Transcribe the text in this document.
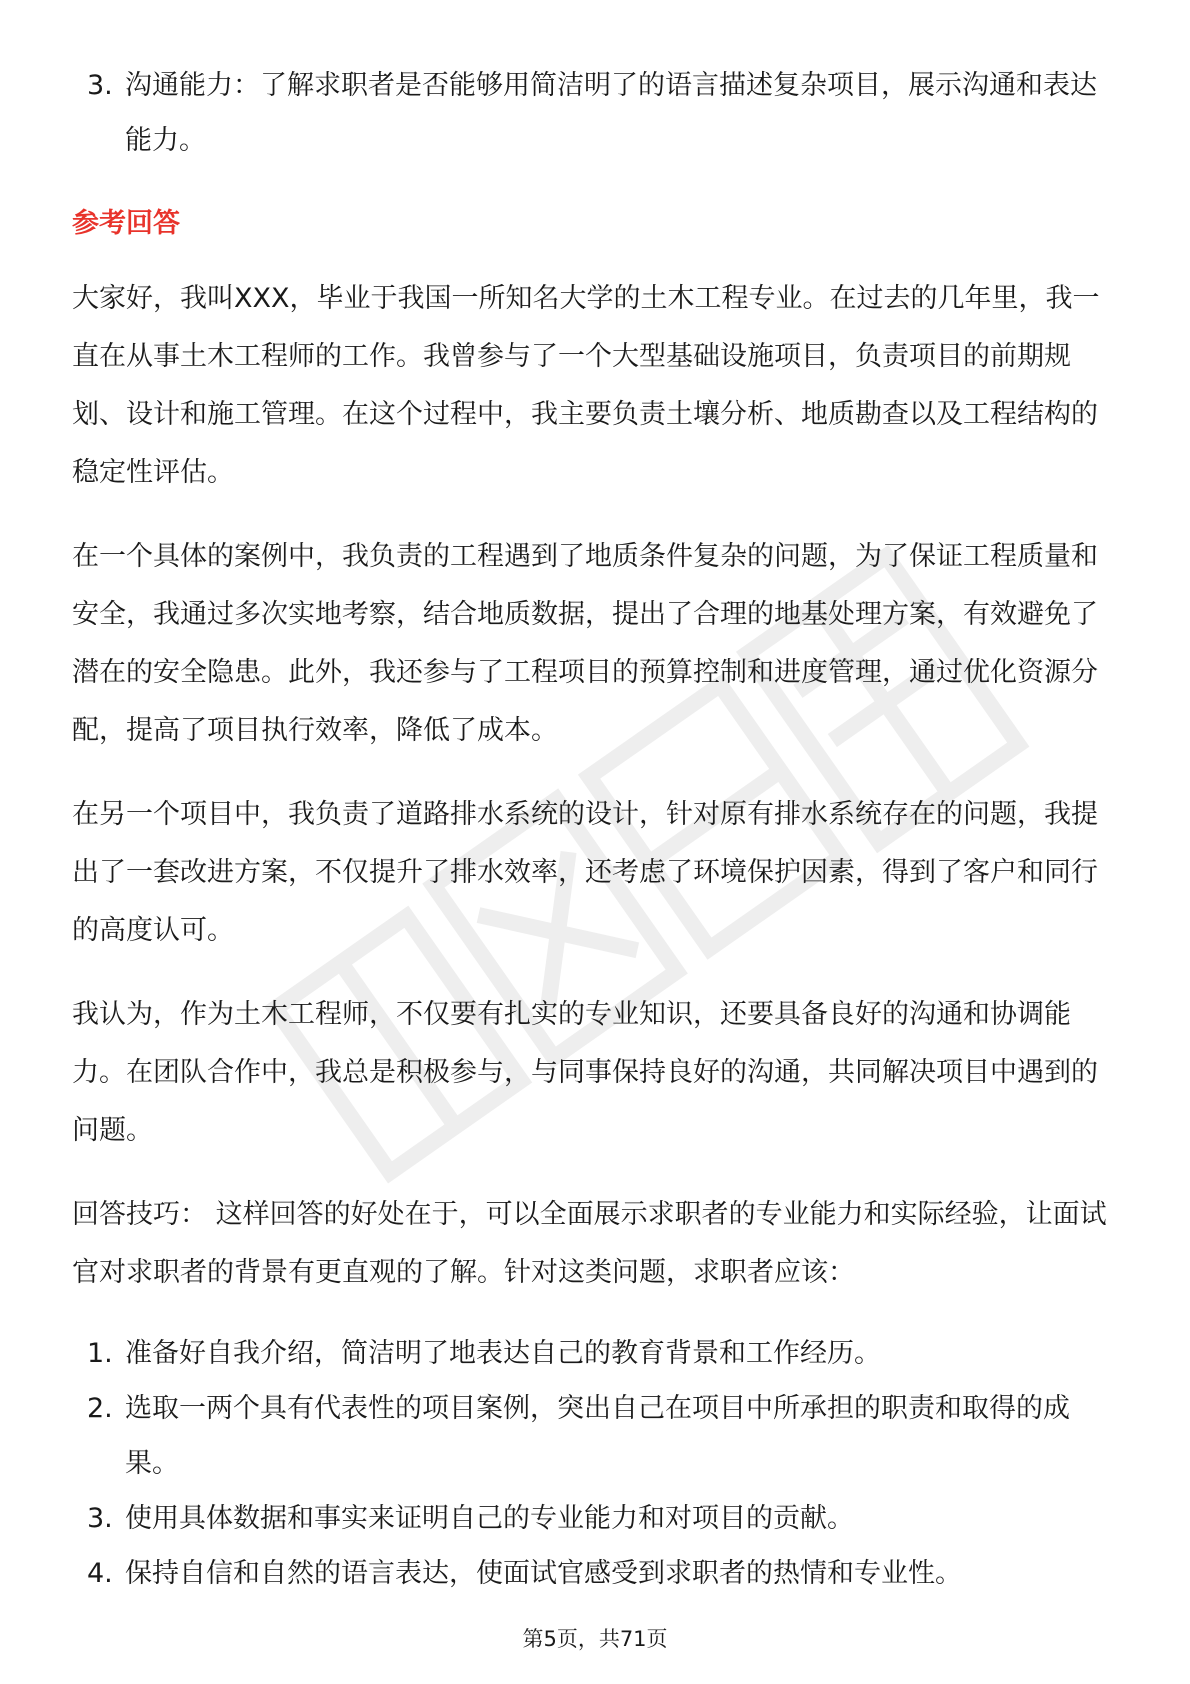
3. 沟通能力：了解求职者是否能够用简洁明了的语言描述复杂项目，展示沟通和表达能力。
参考回答

大家好，我叫XXX，毕业于我国一所知名大学的土木工程专业。在过去的几年里，我一直在从事土木工程师的工作。我曾参与了一个大型基础设施项目，负责项目的前期规划、设计和施工管理。在这个过程中，我主要负责土壤分析、地质勘查以及工程结构的稳定性评估。

在一个具体的案例中，我负责的工程遇到了地质条件复杂的问题，为了保证工程质量和安全，我通过多次实地考察，结合地质数据，提出了合理的地基处理方案，有效避免了潜在的安全隐患。此外，我还参与了工程项目的预算控制和进度管理，通过优化资源分配，提高了项目执行效率，降低了成本。

在另一个项目中，我负责了道路排水系统的设计，针对原有排水系统存在的问题，我提出了一套改进方案，不仅提升了排水效率，还考虑了环境保护因素，得到了客户和同行的高度认可。

我认为，作为土木工程师，不仅要有扎实的专业知识，还要具备良好的沟通和协调能力。在团队合作中，我总是积极参与，与同事保持良好的沟通，共同解决项目中遇到的问题。

回答技巧： 这样回答的好处在于，可以全面展示求职者的专业能力和实际经验，让面试官对求职者的背景有更直观的了解。针对这类问题，求职者应该：

1. 准备好自我介绍，简洁明了地表达自己的教育背景和工作经历。
2. 选取一两个具有代表性的项目案例，突出自己在项目中所承担的职责和取得的成果。
3. 使用具体数据和事实来证明自己的专业能力和对项目的贡献。
4. 保持自信和自然的语言表达，使面试官感受到求职者的热情和专业性。
第5页，共71页
